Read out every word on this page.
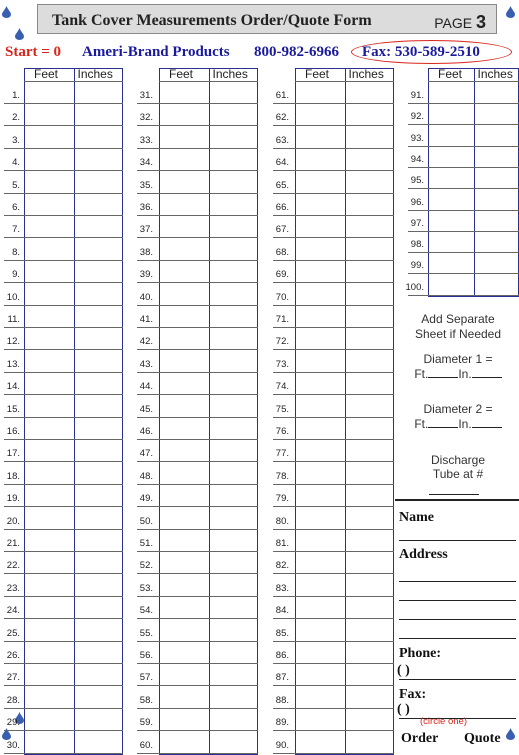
Tank Cover Measurements Order/Quote Form	PAGE 3
Start = 0 Ameri-Brand Products 800-982-6966 Fax: 530-589-2510
Feet Inches
1.
2.
3.
4.
5.
6.
7.
8.
9.
10.
11.
12.
13.
14.
15.
16.
17.
18.
19.
20.
21.
22.
23.
24.
25.
26.
27.
28.
29.
30.
Feet Inches
31.
32.
33.
34.
35.
36.
37.
38.
39.
40.
41.
42.
43.
44.
45.
46.
47.
48.
49.
50.
51.
52.
53.
54.
55.
56.
57.
58.
59.
60.
Feet Inches
61.
62.
63.
64.
65.
66.
67.
68.
69.
70.
71.
72.
73.
74.
75.
76.
77.
78.
79.
80.
81.
82.
83.
84.
85.
86.
87.
88.
89.
90.
Feet Inches
91.
92.
93.
94.
95.
96.
97.
98.
99.
100.
Add Separate
Sheet if Needed
Diameter 1 =
Ft.	In.
Diameter 2 =
Ft.	In.
Discharge
Tube at #
Name
Address
Phone:
( )
Fax:
( )
(circle one)
Order Quote
